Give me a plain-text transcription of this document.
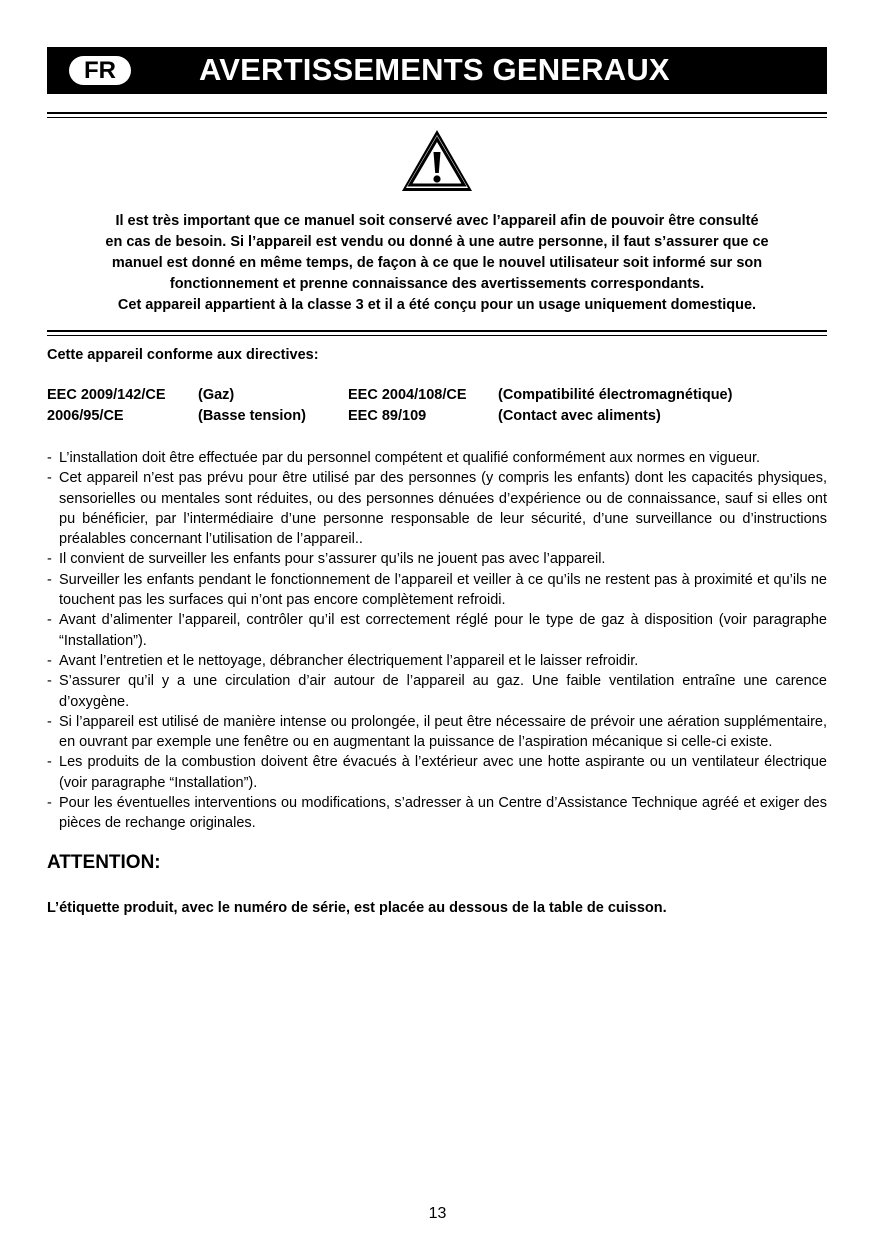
FR	AVERTISSEMENTS GENERAUX
Il est très important que ce manuel soit conservé avec l’appareil afin de pouvoir être consulté
en cas de besoin. Si l’appareil est vendu ou donné à une autre personne, il faut s’assurer que ce
manuel est donné en même temps, de façon à ce que le nouvel utilisateur soit informé sur son
fonctionnement et prenne connaissance des avertissements correspondants.
Cet appareil appartient à la classe 3 et il a été conçu pour un usage uniquement domestique.
Cette appareil conforme aux directives:
EEC 2009/142/CE	(Gaz)	EEC 2004/108/CE	(Compatibilité électromagnétique)
2006/95/CE	(Basse tension)	EEC 89/109	(Contact avec aliments)
- L’installation doit être effectuée par du personnel compétent et qualifié conformément aux normes en vigueur.
- Cet appareil n’est pas prévu pour être utilisé par des personnes (y compris les enfants) dont les capacités physiques, sensorielles ou mentales sont réduites, ou des personnes dénuées d’expérience ou de connaissance, sauf si elles ont pu bénéficier, par l’intermédiaire d’une personne responsable de leur sécurité, d’une surveillance ou d’instructions préalables concernant l’utilisation de l’appareil..
- Il convient de surveiller les enfants pour s’assurer qu’ils ne jouent pas avec l’appareil.
- Surveiller les enfants pendant le fonctionnement de l’appareil et veiller à ce qu’ils ne restent pas à proximité et qu’ils ne touchent pas les surfaces qui n’ont pas encore complètement refroidi.
- Avant d’alimenter l’appareil, contrôler qu’il est correctement réglé pour le type de gaz à disposition (voir paragraphe “Installation”).
- Avant l’entretien et le nettoyage, débrancher électriquement l’appareil et le laisser refroidir.
- S’assurer qu’il y a une circulation d’air autour de l’appareil au gaz. Une faible ventilation entraîne une carence d’oxygène.
- Si l’appareil est utilisé de manière intense ou prolongée, il peut être nécessaire de prévoir une aération supplémentaire, en ouvrant par exemple une fenêtre ou en augmentant la puissance de l’aspiration mécanique si celle-ci existe.
- Les produits de la combustion doivent être évacués à l’extérieur avec une hotte aspirante ou un ventilateur électrique (voir paragraphe “Installation”).
- Pour les éventuelles interventions ou modifications, s’adresser à un Centre d’Assistance Technique agréé et exiger des pièces de rechange originales.
ATTENTION:
L’étiquette produit, avec le numéro de série, est placée au dessous de la table de cuisson.
13
